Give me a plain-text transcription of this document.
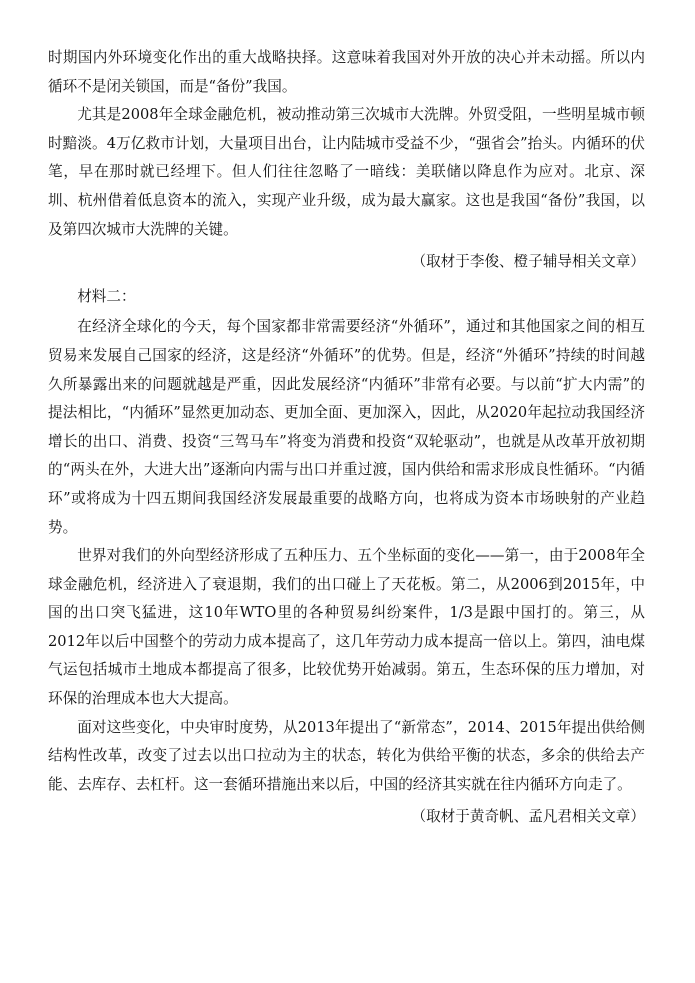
时期国内外环境变化作出的重大战略抉择。这意味着我国对外开放的决心并未动摇。所以内循环不是闭关锁国，而是“备份”我国。

尤其是2008年全球金融危机，被动推动第三次城市大洗牌。外贸受阻，一些明星城市顿时黯淡。4万亿救市计划，大量项目出台，让内陆城市受益不少，“强省会”抬头。内循环的伏笔，早在那时就已经埋下。但人们往往忽略了一暗线：美联储以降息作为应对。北京、深圳、杭州借着低息资本的流入，实现产业升级，成为最大赢家。这也是我国“备份”我国，以及第四次城市大洗牌的关键。

（取材于李俊、橙子辅导相关文章）

材料二：

在经济全球化的今天，每个国家都非常需要经济“外循环”，通过和其他国家之间的相互贸易来发展自己国家的经济，这是经济“外循环”的优势。但是，经济“外循环”持续的时间越久所暴露出来的问题就越是严重，因此发展经济“内循环”非常有必要。与以前“扩大内需”的提法相比，“内循环”显然更加动态、更加全面、更加深入，因此，从2020年起拉动我国经济增长的出口、消费、投资“三驾马车”将变为消费和投资“双轮驱动”，也就是从改革开放初期的“两头在外，大进大出”逐渐向内需与出口并重过渡，国内供给和需求形成良性循环。“内循环”或将成为十四五期间我国经济发展最重要的战略方向，也将成为资本市场映射的产业趋势。

世界对我们的外向型经济形成了五种压力、五个坐标面的变化——第一，由于2008年全球金融危机，经济进入了衰退期，我们的出口碰上了天花板。第二，从2006到2015年，中国的出口突飞猛进，这10年WTO里的各种贸易纠纷案件，1/3是跟中国打的。第三，从2012年以后中国整个的劳动力成本提高了，这几年劳动力成本提高一倍以上。第四，油电煤气运包括城市土地成本都提高了很多，比较优势开始减弱。第五，生态环保的压力增加，对环保的治理成本也大大提高。

面对这些变化，中央审时度势，从2013年提出了“新常态”，2014、2015年提出供给侧结构性改革，改变了过去以出口拉动为主的状态，转化为供给平衡的状态，多余的供给去产能、去库存、去杠杆。这一套循环措施出来以后，中国的经济其实就在往内循环方向走了。

（取材于黄奇帆、孟凡君相关文章）
